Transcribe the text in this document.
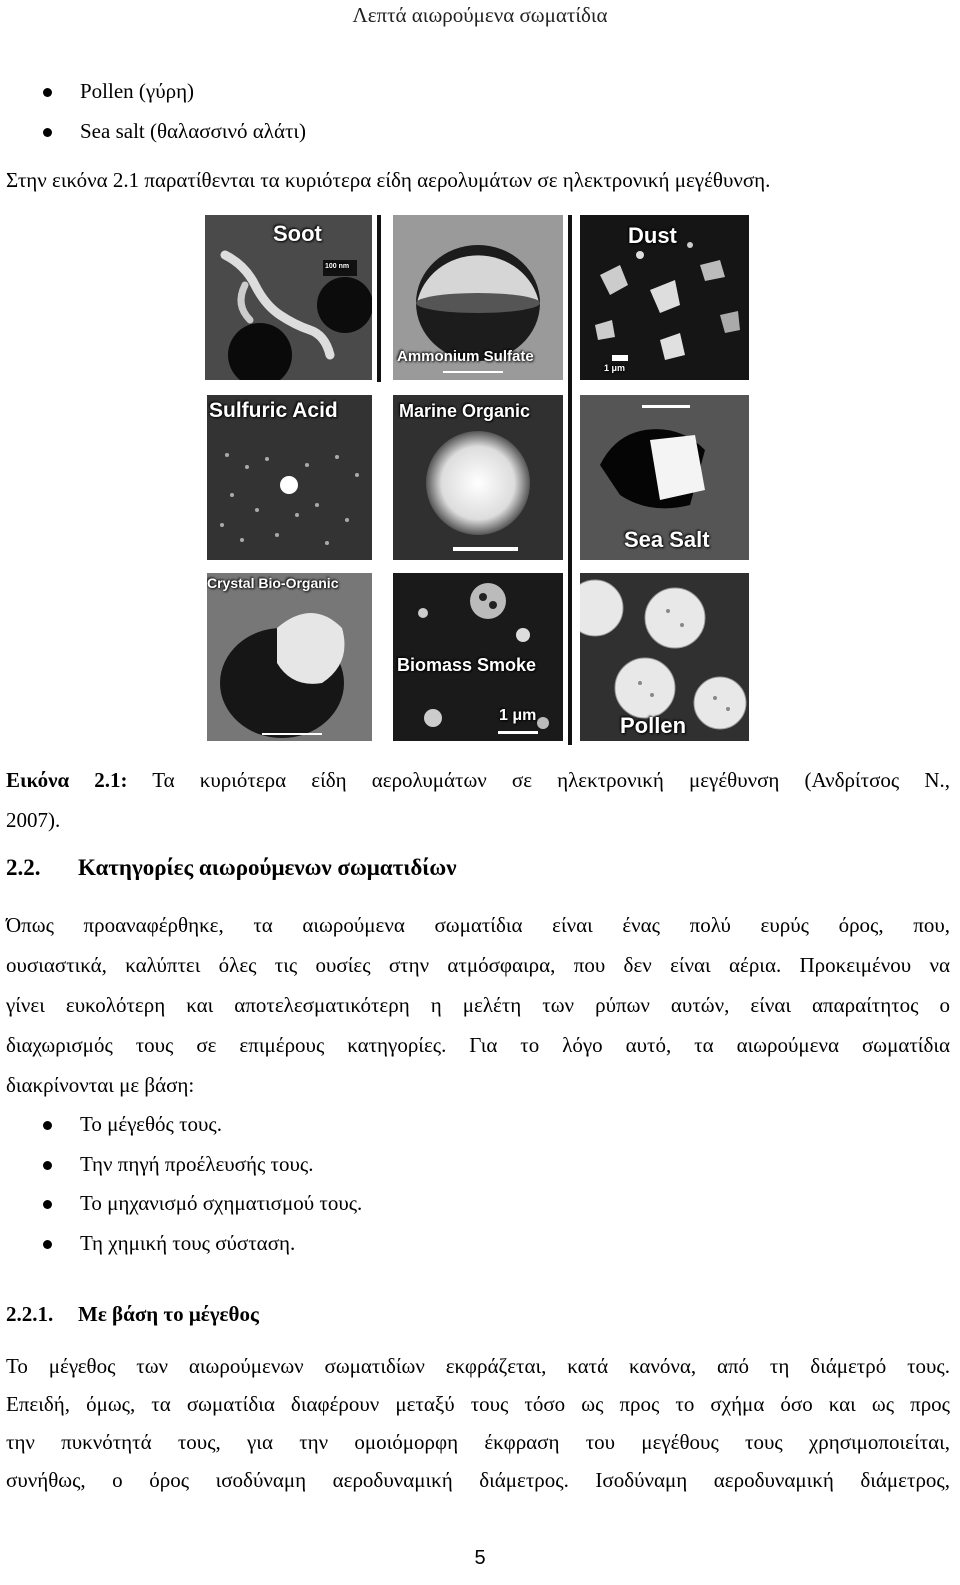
Λεπτά αιωρούμενα σωματίδια
Pollen (γύρη)
Sea salt (θαλασσινό αλάτι)
Στην εικόνα 2.1 παρατίθενται τα κυριότερα είδη αερολυμάτων σε ηλεκτρονική μεγέθυνση.
Soot
100 nm
Ammonium Sulfate
Dust
1 μm
Sulfuric Acid	Marine Organic
Sea Salt
Crystal Bio-Organic
Biomass Smoke
1 μm	Pollen
Εικόνα 2.1: Τα κυριότερα είδη αερολυμάτων σε ηλεκτρονική μεγέθυνση (Ανδρίτσος Ν.,
2007).
2.2. Κατηγορίες αιωρούμενων σωματιδίων
Όπως προαναφέρθηκε, τα αιωρούμενα σωματίδια είναι ένας πολύ ευρύς όρος, που,
ουσιαστικά, καλύπτει όλες τις ουσίες στην ατμόσφαιρα, που δεν είναι αέρια. Προκειμένου να
γίνει ευκολότερη και αποτελεσματικότερη η μελέτη των ρύπων αυτών, είναι απαραίτητος ο
διαχωρισμός τους σε επιμέρους κατηγορίες. Για το λόγο αυτό, τα αιωρούμενα σωματίδια
διακρίνονται με βάση:
Το μέγεθός τους.
Την πηγή προέλευσής τους.
Το μηχανισμό σχηματισμού τους.
Τη χημική τους σύσταση.
2.2.1. Με βάση το μέγεθος
Το μέγεθος των αιωρούμενων σωματιδίων εκφράζεται, κατά κανόνα, από τη διάμετρό τους.
Επειδή, όμως, τα σωματίδια διαφέρουν μεταξύ τους τόσο ως προς το σχήμα όσο και ως προς
την πυκνότητά τους, για την ομοιόμορφη έκφραση του μεγέθους τους χρησιμοποιείται,
συνήθως, ο όρος ισοδύναμη αεροδυναμική διάμετρος. Ισοδύναμη αεροδυναμική διάμετρος,
5
